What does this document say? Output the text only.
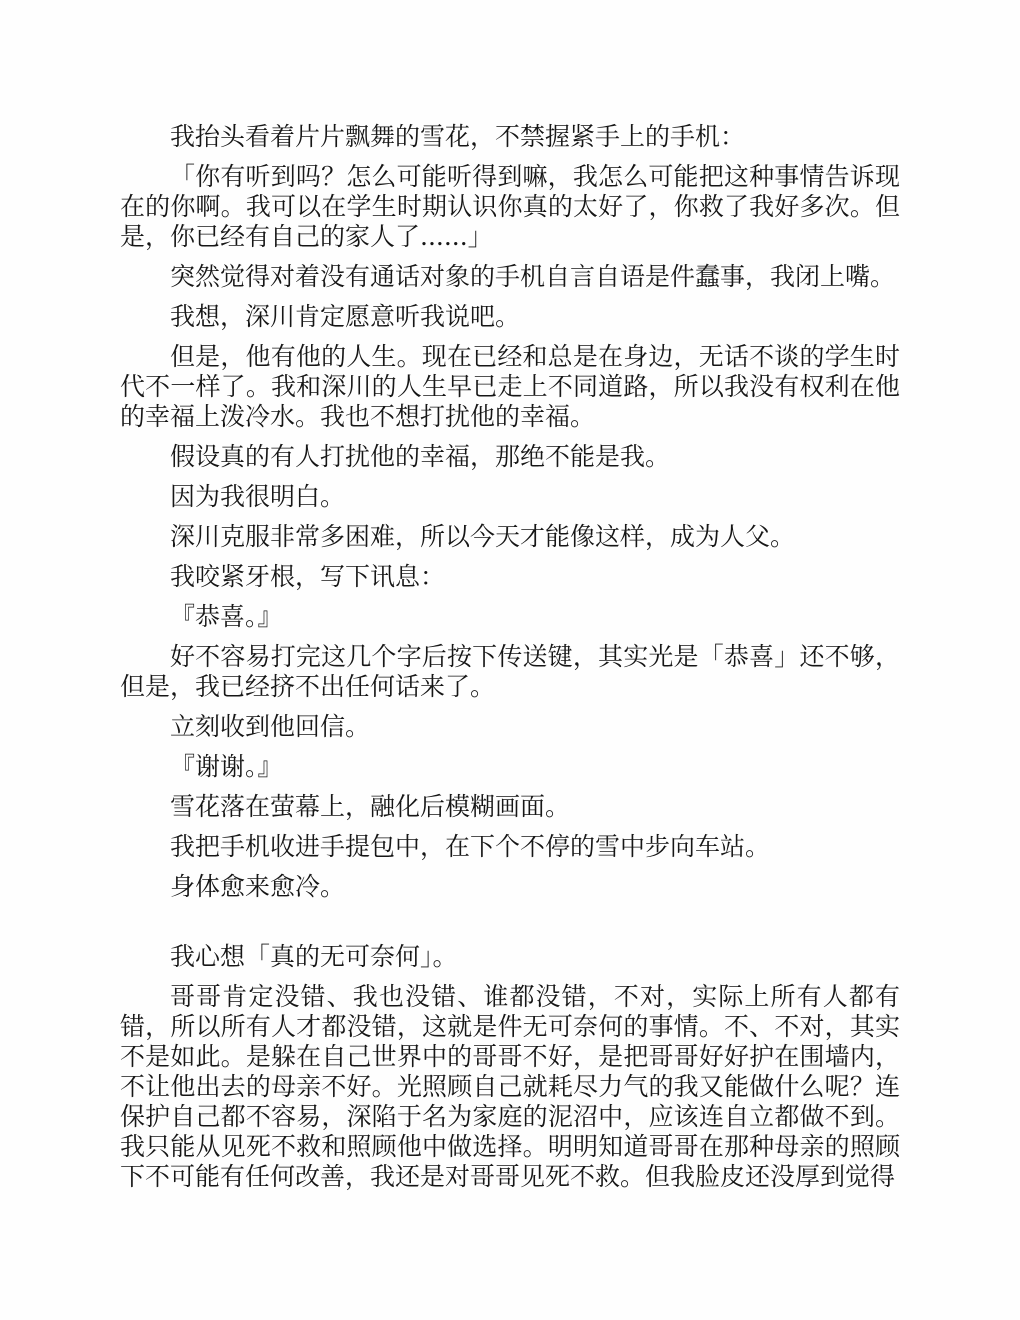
我抬头看着片片飘舞的雪花，不禁握紧手上的手机：

「你有听到吗？怎么可能听得到嘛，我怎么可能把这种事情告诉现在的你啊。我可以在学生时期认识你真的太好了，你救了我好多次。但是，你已经有自己的家人了......」

突然觉得对着没有通话对象的手机自言自语是件蠢事，我闭上嘴。

我想，深川肯定愿意听我说吧。

但是，他有他的人生。现在已经和总是在身边，无话不谈的学生时代不一样了。我和深川的人生早已走上不同道路，所以我没有权利在他的幸福上泼冷水。我也不想打扰他的幸福。

假设真的有人打扰他的幸福，那绝不能是我。

因为我很明白。

深川克服非常多困难，所以今天才能像这样，成为人父。

我咬紧牙根，写下讯息：

『恭喜。』

好不容易打完这几个字后按下传送键，其实光是「恭喜」还不够，但是，我已经挤不出任何话来了。

立刻收到他回信。

『谢谢。』

雪花落在萤幕上，融化后模糊画面。

我把手机收进手提包中，在下个不停的雪中步向车站。

身体愈来愈冷。

我心想「真的无可奈何」。

哥哥肯定没错、我也没错、谁都没错，不对，实际上所有人都有错，所以所有人才都没错，这就是件无可奈何的事情。不、不对，其实不是如此。是躲在自己世界中的哥哥不好，是把哥哥好好护在围墙内，不让他出去的母亲不好。光照顾自己就耗尽力气的我又能做什么呢？连保护自己都不容易，深陷于名为家庭的泥沼中，应该连自立都做不到。我只能从见死不救和照顾他中做选择。明明知道哥哥在那种母亲的照顾下不可能有任何改善，我还是对哥哥见死不救。但我脸皮还没厚到觉得
